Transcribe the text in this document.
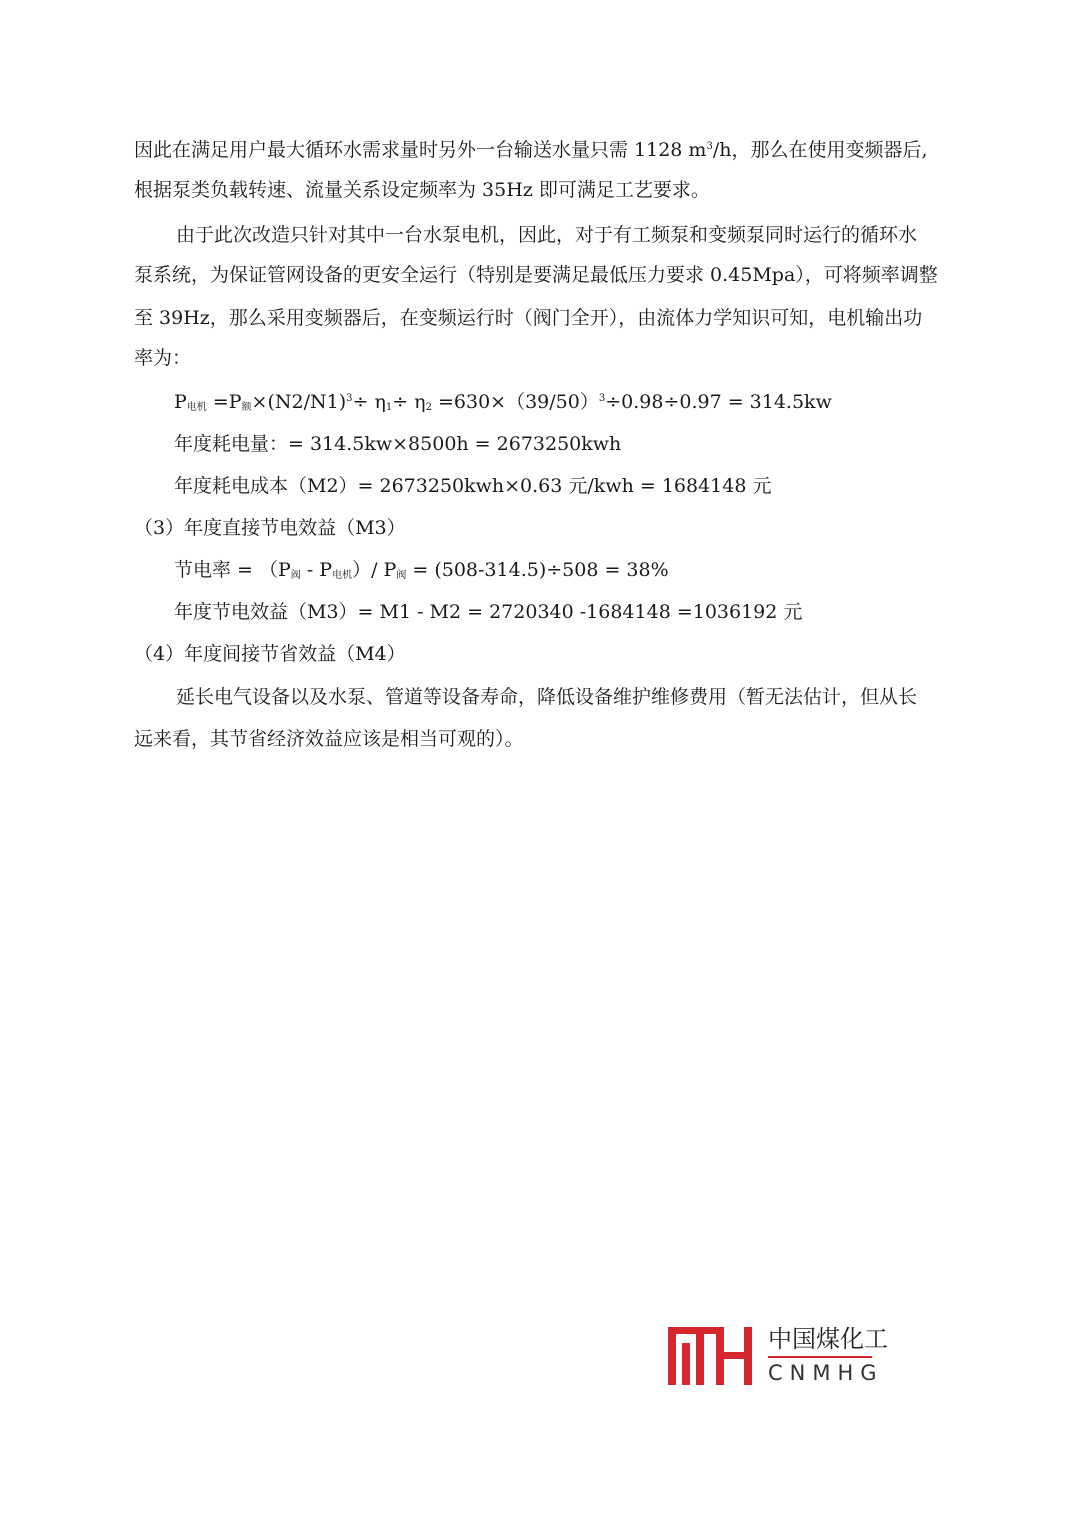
因此在满足用户最大循环水需求量时另外一台输送水量只需 1128 $m^3/h$，那么在使用变频器后,
根据泵类负载转速、流量关系设定频率为 35Hz 即可满足工艺要求。
由于此次改造只针对其中一台水泵电机，因此，对于有工频泵和变频泵同时运行的循环水
泵系统，为保证管网设备的更安全运行（特别是要满足最低压力要求 0.45Mpa），可将频率调整
至 39Hz，那么采用变频器后，在变频运行时（阀门全开），由流体力学知识可知，电机输出功
率为：
$P_{电机} =P_额\times(N2/N1)^3\div \eta_1\div \eta_2 =630\times(39/50)^3\div 0.98\div 0.97 = 314.5kw$
年度耗电量：= 314.5kw×8500h = 2673250kwh
年度耗电成本（M2）= 2673250kwh×0.63 元/kwh = 1684148 元
（3）年度直接节电效益（M3）
节电率 = $(P_阀 - P_{电机})/$ $P_阀 = (508-314.5)\div 508 = 38\%$
年度节电效益（M3）= M1 - M2 = 2720340 -1684148 =1036192 元
（4）年度间接节省效益（M4）
延长电气设备以及水泵、管道等设备寿命，降低设备维护维修费用（暂无法估计，但从长
远来看，其节省经济效益应该是相当可观的）。
中国煤化工
CNMHG
